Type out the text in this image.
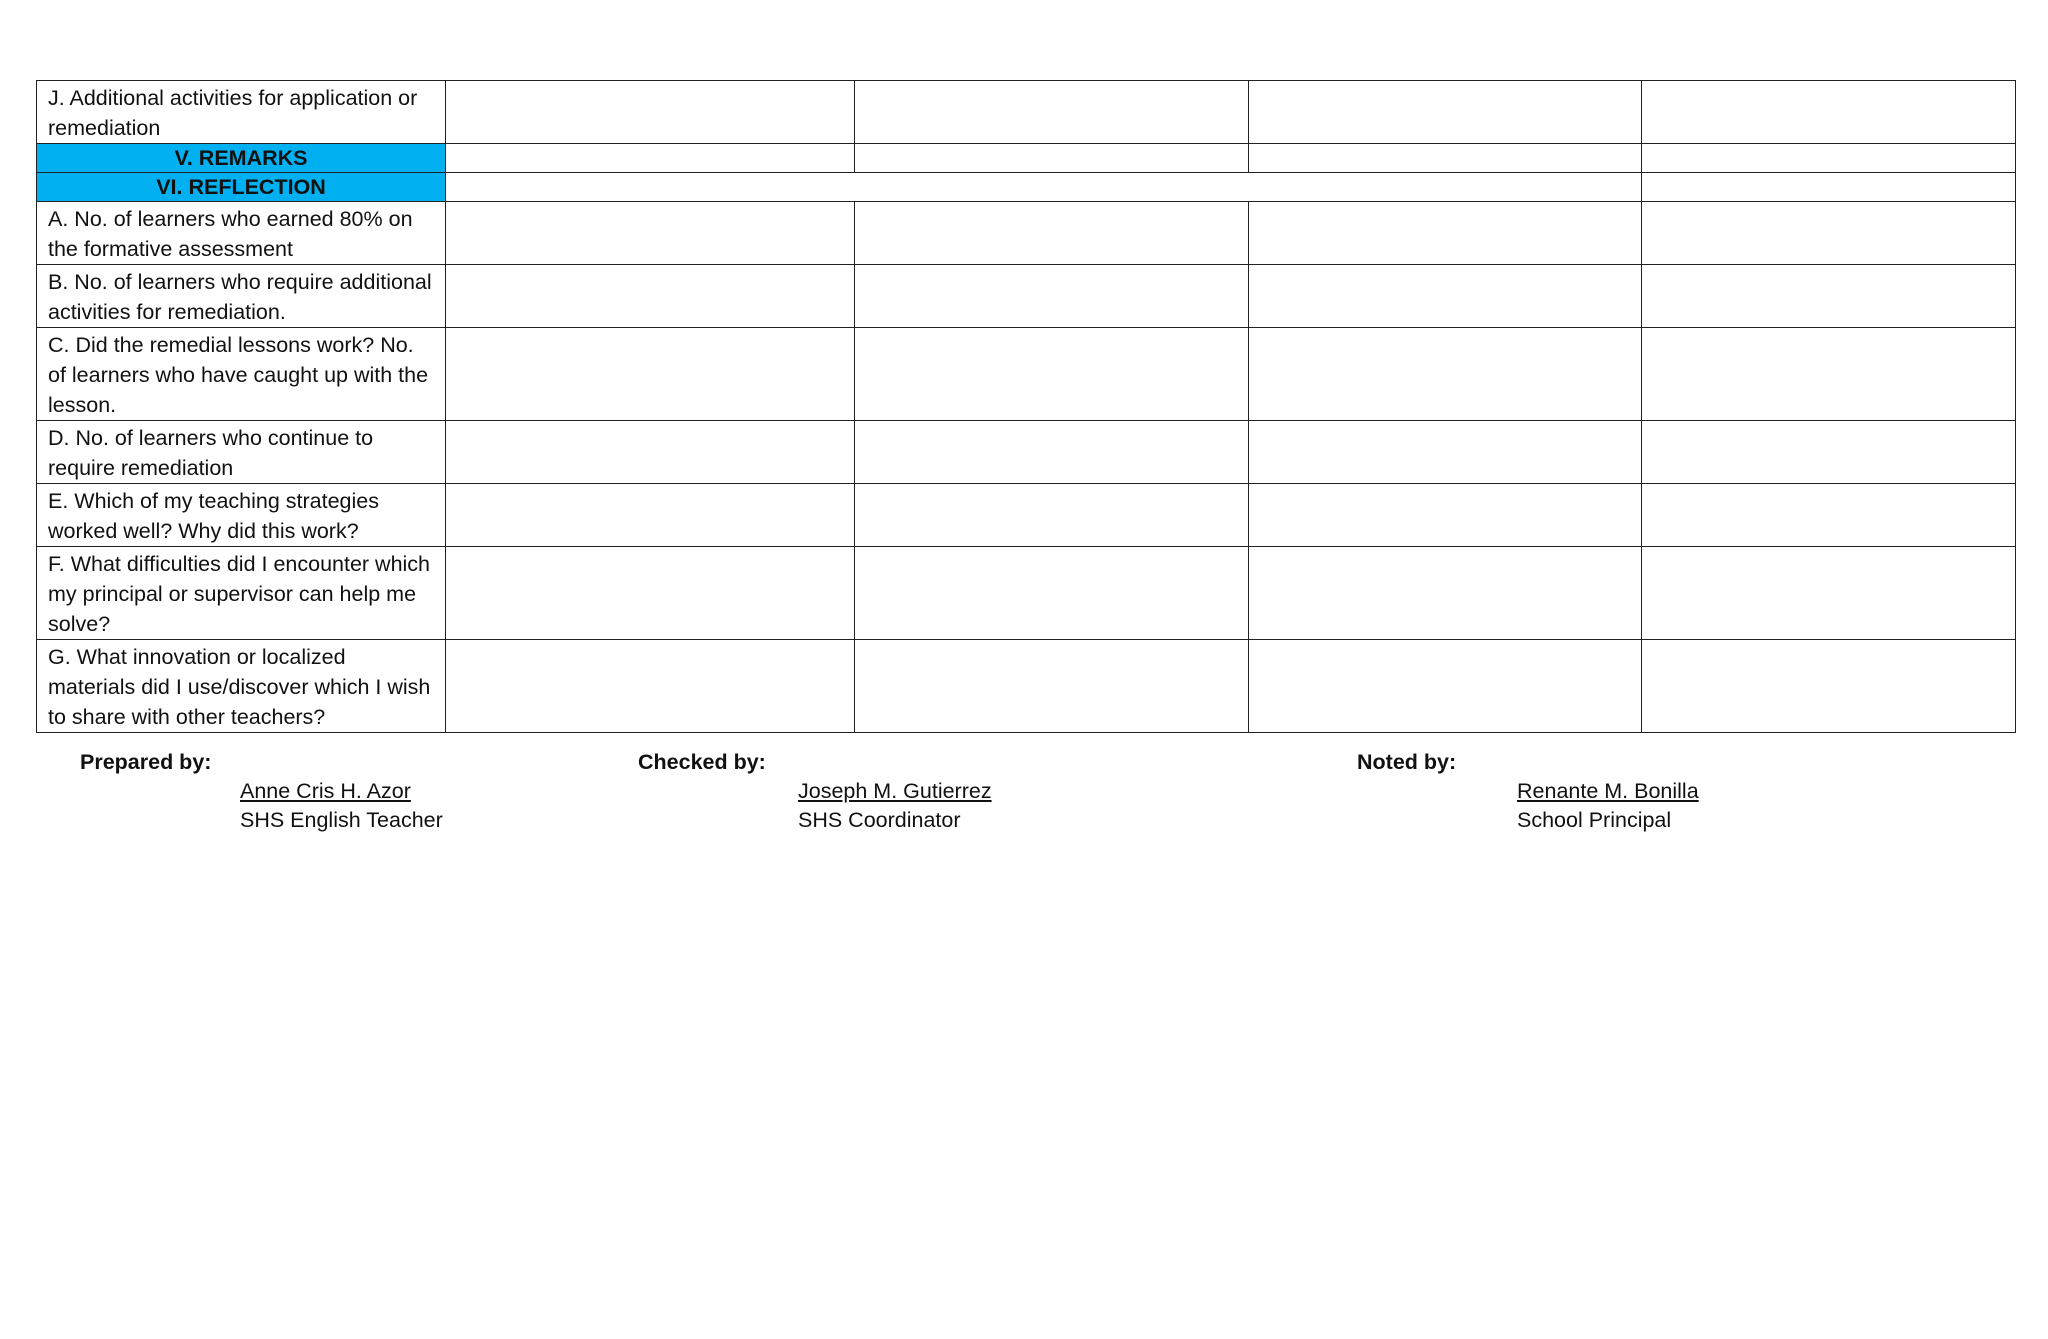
J. Additional activities for application or remediation				
V. REMARKS				
VI. REFLECTION				
A. No. of learners who earned 80% on the formative assessment				
B. No. of learners who require additional activities for remediation.				
C. Did the remedial lessons work? No. of learners who have caught up with the lesson.				
D. No. of learners who continue to require remediation				
E. Which of my teaching strategies worked well? Why did this work?				
F. What difficulties did I encounter which my principal or supervisor can help me solve?				
G. What innovation or localized materials did I use/discover which I wish to share with other teachers?				
Prepared by:
Anne Cris H. Azor
SHS English Teacher
Checked by:
Joseph M. Gutierrez
SHS Coordinator
Noted by:
Renante M. Bonilla
School Principal
